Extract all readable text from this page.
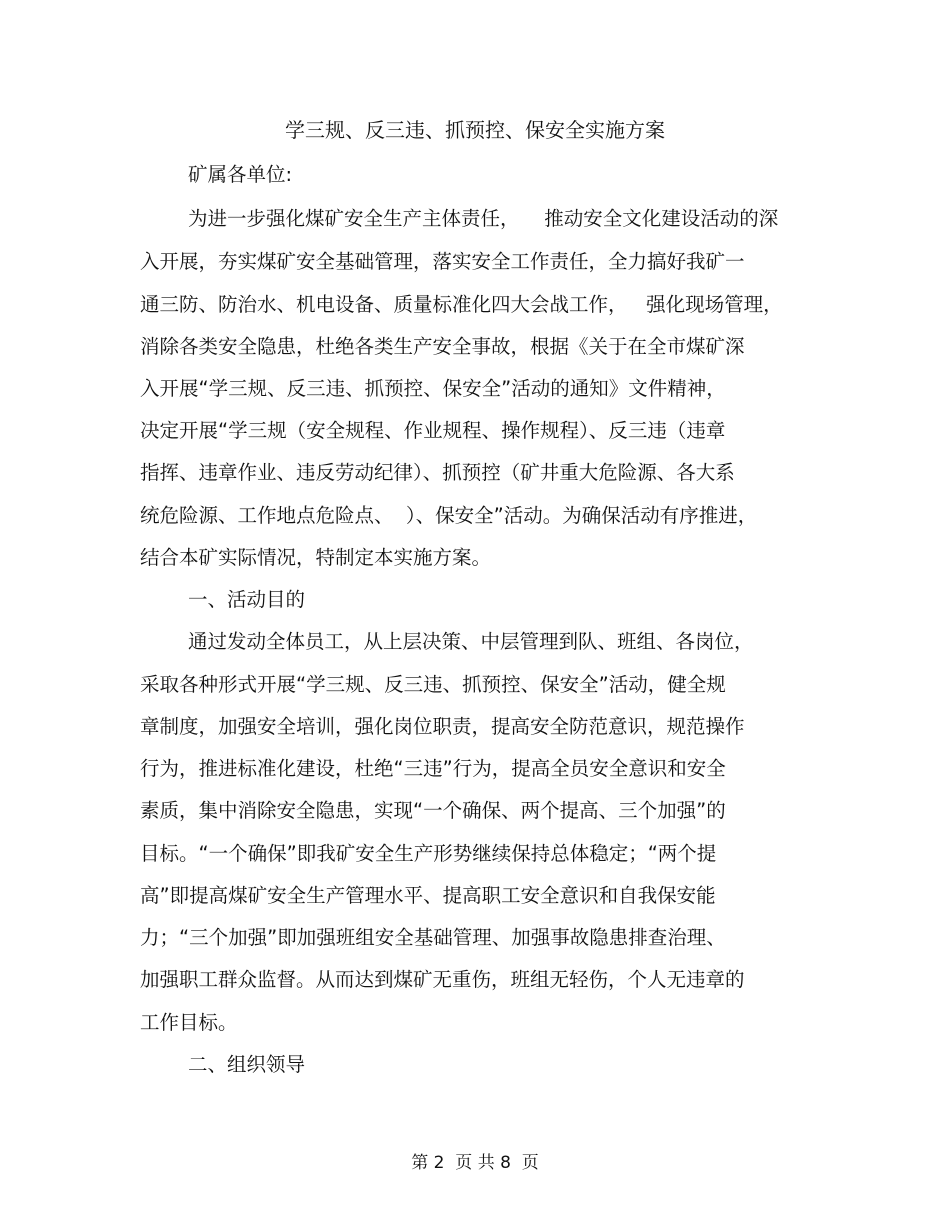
学三规、反三违、抓预控、保安全实施方案
矿属各单位:
为进一步强化煤矿安全生产主体责任，    推动安全文化建设活动的深
入开展，夯实煤矿安全基础管理，落实安全工作责任，全力搞好我矿一
通三防、防治水、机电设备、质量标准化四大会战工作，   强化现场管理，
消除各类安全隐患，杜绝各类生产安全事故，根据《关于在全市煤矿深
入开展“学三规、反三违、抓预控、保安全”活动的通知》文件精神，
决定开展“学三规（安全规程、作业规程、操作规程）、反三违（违章
指挥、违章作业、违反劳动纪律）、抓预控（矿井重大危险源、各大系
统危险源、工作地点危险点、  ）、保安全”活动。为确保活动有序推进，
结合本矿实际情况，特制定本实施方案。
一、活动目的
通过发动全体员工，从上层决策、中层管理到队、班组、各岗位，
采取各种形式开展“学三规、反三违、抓预控、保安全”活动，健全规
章制度，加强安全培训，强化岗位职责，提高安全防范意识，规范操作
行为，推进标准化建设，杜绝“三违”行为，提高全员安全意识和安全
素质，集中消除安全隐患，实现“一个确保、两个提高、三个加强”的
目标。“一个确保”即我矿安全生产形势继续保持总体稳定；“两个提
高”即提高煤矿安全生产管理水平、提高职工安全意识和自我保安能
力；“三个加强”即加强班组安全基础管理、加强事故隐患排查治理、
加强职工群众监督。从而达到煤矿无重伤，班组无轻伤，个人无违章的
工作目标。
二、组织领导
第 2  页 共 8  页
